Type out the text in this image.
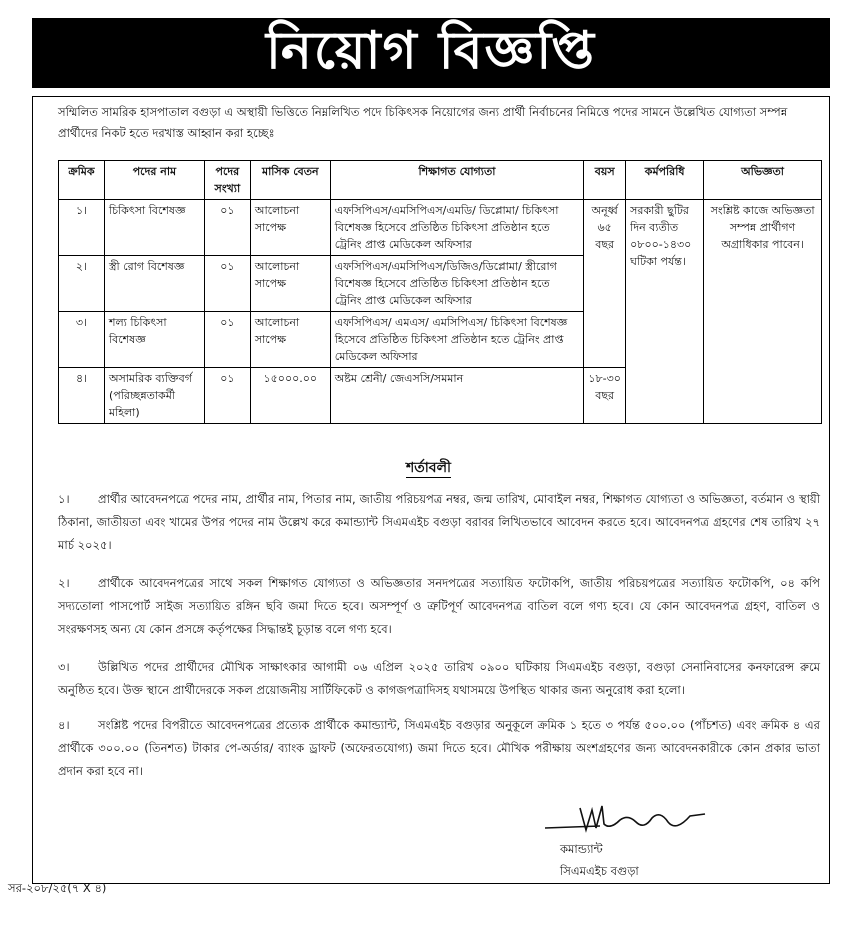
নিয়োগ বিজ্ঞপ্তি
সম্মিলিত সামরিক হাসপাতাল বগুড়া এ অস্থায়ী ভিত্তিতে নিম্নলিখিত পদে চিকিৎসক নিয়োগের জন্য প্রার্থী নির্বাচনের নিমিত্তে পদের সামনে উল্লেখিত যোগ্যতা সম্পন্ন প্রার্থীদের নিকট হতে দরখাস্ত আহ্বান করা হচ্ছেঃ
ক্রমিক	পদের নাম	পদের সংখ্যা	মাসিক বেতন	শিক্ষাগত যোগ্যতা	বয়স	কর্মপরিধি	অভিজ্ঞতা
১।	চিকিৎসা বিশেষজ্ঞ	০১	আলোচনা সাপেক্ষ	এফসিপিএস/এমসিপিএস/এমডি/ ডিপ্লোমা/ চিকিৎসা বিশেষজ্ঞ হিসেবে প্রতিষ্ঠিত চিকিৎসা প্রতিষ্ঠান হতে ট্রেনিং প্রাপ্ত মেডিকেল অফিসার	অনূর্ধ্ব ৬৫ বছর	সরকারী ছুটির দিন ব্যতীত ০৮০০-১৪৩০ ঘটিকা পর্যন্ত।	সংশ্লিষ্ট কাজে অভিজ্ঞতা সম্পন্ন প্রার্থীগণ অগ্রাধিকার পাবেন।
২।	স্ত্রী রোগ বিশেষজ্ঞ	০১	আলোচনা সাপেক্ষ	এফসিপিএস/এমসিপিএস/ডিজিও/ডিপ্লোমা/ স্ত্রীরোগ বিশেষজ্ঞ হিসেবে প্রতিষ্ঠিত চিকিৎসা প্রতিষ্ঠান হতে ট্রেনিং প্রাপ্ত মেডিকেল অফিসার			
৩।	শল্য চিকিৎসা বিশেষজ্ঞ	০১	আলোচনা সাপেক্ষ	এফসিপিএস/ এমএস/ এমসিপিএস/ চিকিৎসা বিশেষজ্ঞ হিসেবে প্রতিষ্ঠিত চিকিৎসা প্রতিষ্ঠান হতে ট্রেনিং প্রাপ্ত মেডিকেল অফিসার			
৪।	অসামরিক ব্যক্তিবর্গ (পরিচ্ছন্নতাকর্মী মহিলা)	০১	১৫০০০.০০	অষ্টম শ্রেনী/ জেএসসি/সমমান	১৮-৩০ বছর		
শর্তাবলী
১। প্রার্থীর আবেদনপত্রে পদের নাম, প্রার্থীর নাম, পিতার নাম, জাতীয় পরিচয়পত্র নম্বর, জন্ম তারিখ, মোবাইল নম্বর, শিক্ষাগত যোগ্যতা ও অভিজ্ঞতা, বর্তমান ও স্থায়ী ঠিকানা, জাতীয়তা এবং খামের উপর পদের নাম উল্লেখ করে কমান্ড্যান্ট সিএমএইচ বগুড়া বরাবর লিখিতভাবে আবেদন করতে হবে। আবেদনপত্র গ্রহণের শেষ তারিখ ২৭ মার্চ ২০২৫।
২। প্রার্থীকে আবেদনপত্রের সাথে সকল শিক্ষাগত যোগ্যতা ও অভিজ্ঞতার সনদপত্রের সত্যায়িত ফটোকপি, জাতীয় পরিচয়পত্রের সত্যায়িত ফটোকপি, ০৪ কপি সদ্যতোলা পাসপোর্ট সাইজ সত্যায়িত রঙ্গিন ছবি জমা দিতে হবে। অসম্পূর্ণ ও ত্রুটিপূর্ণ আবেদনপত্র বাতিল বলে গণ্য হবে। যে কোন আবেদনপত্র গ্রহণ, বাতিল ও সংরক্ষণসহ অন্য যে কোন প্রসঙ্গে কর্তৃপক্ষের সিদ্ধান্তই চূড়ান্ত বলে গণ্য হবে।
৩। উল্লিখিত পদের প্রার্থীদের মৌখিক সাক্ষাৎকার আগামী ০৬ এপ্রিল ২০২৫ তারিখ ০৯০০ ঘটিকায় সিএমএইচ বগুড়া, বগুড়া সেনানিবাসের কনফারেন্স রুমে অনুষ্ঠিত হবে। উক্ত স্থানে প্রার্থীদেরকে সকল প্রয়োজনীয় সার্টিফিকেট ও কাগজপত্রাদিসহ যথাসময়ে উপস্থিত থাকার জন্য অনুরোধ করা হলো।
৪। সংশ্লিষ্ট পদের বিপরীতে আবেদনপত্রের প্রত্যেক প্রার্থীকে কমান্ড্যান্ট, সিএমএইচ বগুড়ার অনুকূলে ক্রমিক ১ হতে ৩ পর্যন্ত ৫০০.০০ (পাঁচশত) এবং ক্রমিক ৪ এর প্রার্থীকে ৩০০.০০ (তিনশত) টাকার পে-অর্ডার/ ব্যাংক ড্রাফট (অফেরতযোগ্য) জমা দিতে হবে। মৌখিক পরীক্ষায় অংশগ্রহণের জন্য আবেদনকারীকে কোন প্রকার ভাতা প্রদান করা হবে না।
কমান্ড্যান্ট
সিএমএইচ বগুড়া
সর-২০৮/২৫(৭ X ৪)
